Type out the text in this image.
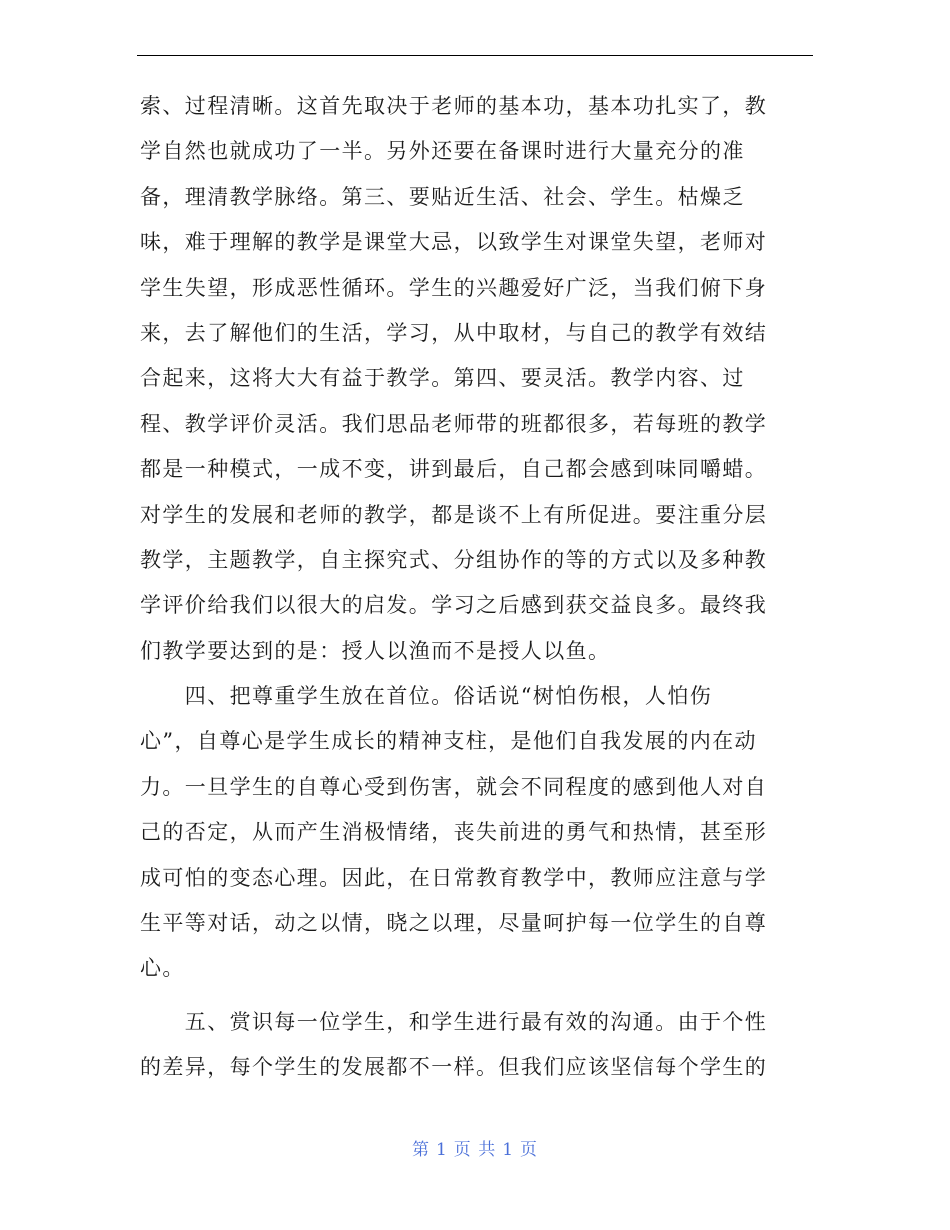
索、过程清晰。这首先取决于老师的基本功，基本功扎实了，教
学自然也就成功了一半。另外还要在备课时进行大量充分的准
备，理清教学脉络。第三、要贴近生活、社会、学生。枯燥乏
味，难于理解的教学是课堂大忌，以致学生对课堂失望，老师对
学生失望，形成恶性循环。学生的兴趣爱好广泛，当我们俯下身
来，去了解他们的生活，学习，从中取材，与自己的教学有效结
合起来，这将大大有益于教学。第四、要灵活。教学内容、过
程、教学评价灵活。我们思品老师带的班都很多，若每班的教学
都是一种模式，一成不变，讲到最后，自己都会感到味同嚼蜡。
对学生的发展和老师的教学，都是谈不上有所促进。要注重分层
教学，主题教学，自主探究式、分组协作的等的方式以及多种教
学评价给我们以很大的启发。学习之后感到获交益良多。最终我
们教学要达到的是：授人以渔而不是授人以鱼。
　　四、把尊重学生放在首位。俗话说“树怕伤根，人怕伤
心”，自尊心是学生成长的精神支柱，是他们自我发展的内在动
力。一旦学生的自尊心受到伤害，就会不同程度的感到他人对自
己的否定，从而产生消极情绪，丧失前进的勇气和热情，甚至形
成可怕的变态心理。因此，在日常教育教学中，教师应注意与学
生平等对话，动之以情，晓之以理，尽量呵护每一位学生的自尊
心。
　　五、赏识每一位学生，和学生进行最有效的沟通。由于个性
的差异，每个学生的发展都不一样。但我们应该坚信每个学生的
第 1 页 共 1 页
